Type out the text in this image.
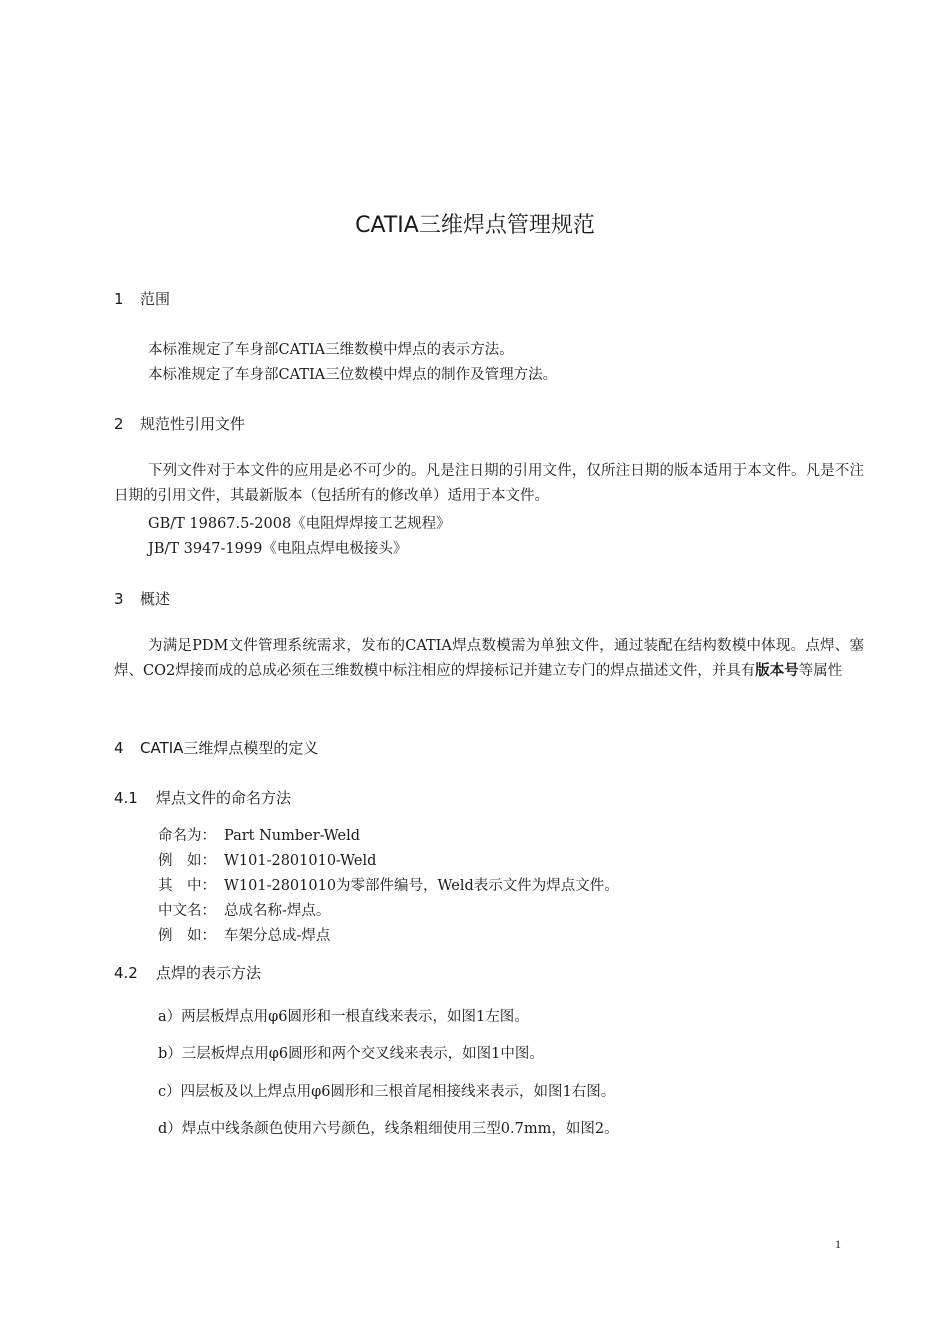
CATIA三维焊点管理规范
1 范围
本标准规定了车身部CATIA三维数模中焊点的表示方法。
本标准规定了车身部CATIA三位数模中焊点的制作及管理方法。
2 规范性引用文件
下列文件对于本文件的应用是必不可少的。凡是注日期的引用文件，仅所注日期的版本适用于本文件。凡是不注日期的引用文件，其最新版本（包括所有的修改单）适用于本文件。
GB/T 19867.5-2008《电阻焊焊接工艺规程》
JB/T 3947-1999《电阻点焊电极接头》
3 概述
为满足PDM文件管理系统需求，发布的CATIA焊点数模需为单独文件，通过装配在结构数模中体现。点焊、塞焊、CO2焊接而成的总成必须在三维数模中标注相应的焊接标记并建立专门的焊点描述文件，并具有版本号等属性
4 CATIA三维焊点模型的定义
4.1 焊点文件的命名方法
命名为： Part Number-Weld
例　如： W101-2801010-Weld
其　中： W101-2801010为零部件编号，Weld表示文件为焊点文件。
中文名： 总成名称-焊点。
例　如： 车架分总成-焊点
4.2 点焊的表示方法
a）两层板焊点用φ6圆形和一根直线来表示，如图1左图。
b）三层板焊点用φ6圆形和两个交叉线来表示，如图1中图。
c）四层板及以上焊点用φ6圆形和三根首尾相接线来表示，如图1右图。
d）焊点中线条颜色使用六号颜色，线条粗细使用三型0.7mm，如图2。
1
